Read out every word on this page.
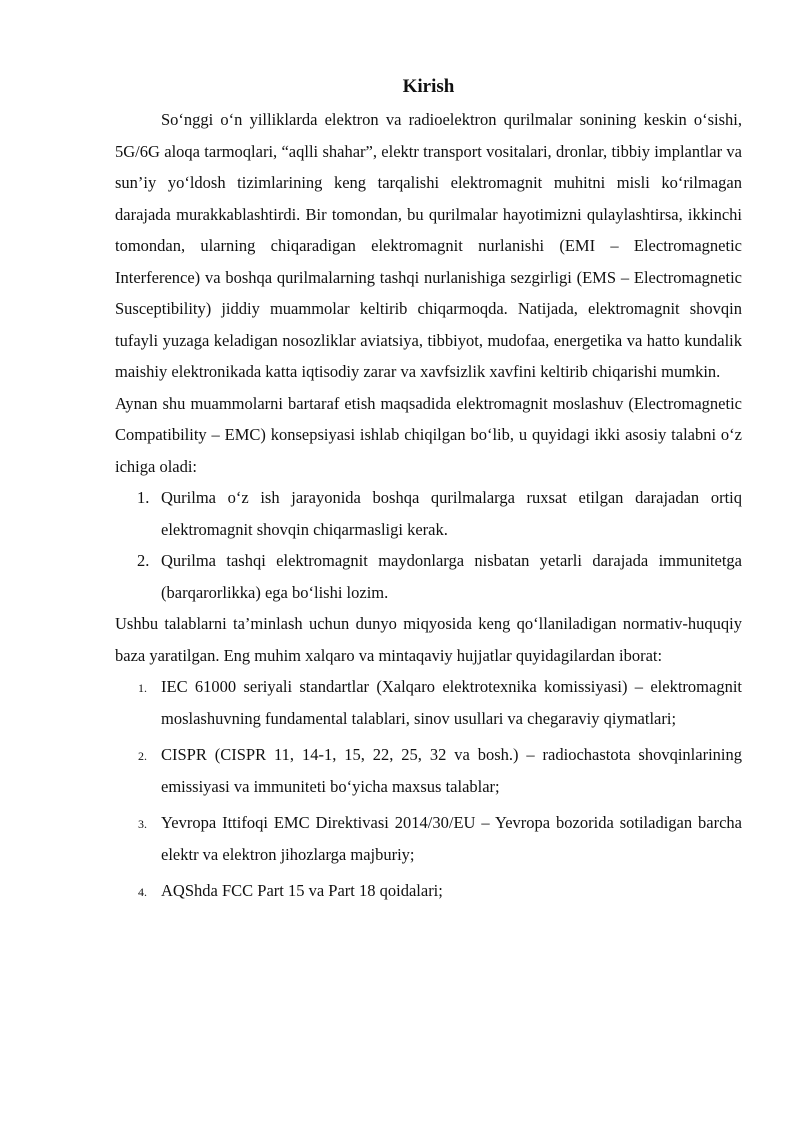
Kirish

So‘nggi o‘n yilliklarda elektron va radioelektron qurilmalar sonining keskin o‘sishi, 5G/6G aloqa tarmoqlari, “aqlli shahar”, elektr transport vositalari, dronlar, tibbiy implantlar va sun’iy yo‘ldosh tizimlarining keng tarqalishi elektromagnit muhitni misli ko‘rilmagan darajada murakkablashtirdi. Bir tomondan, bu qurilmalar hayotimizni qulaylashtirsa, ikkinchi tomondan, ularning chiqaradigan elektromagnit nurlanishi (EMI – Electromagnetic Interference) va boshqa qurilmalarning tashqi nurlanishiga sezgirligi (EMS – Electromagnetic Susceptibility) jiddiy muammolar keltirib chiqarmoqda. Natijada, elektromagnit shovqin tufayli yuzaga keladigan nosozliklar aviatsiya, tibbiyot, mudofaa, energetika va hatto kundalik maishiy elektronikada katta iqtisodiy zarar va xavfsizlik xavfini keltirib chiqarishi mumkin.

Aynan shu muammolarni bartaraf etish maqsadida elektromagnit moslashuv (Electromagnetic Compatibility – EMC) konsepsiyasi ishlab chiqilgan bo‘lib, u quyidagi ikki asosiy talabni o‘z ichiga oladi:

1. Qurilma o‘z ish jarayonida boshqa qurilmalarga ruxsat etilgan darajadan ortiq elektromagnit shovqin chiqarmasligi kerak.
2. Qurilma tashqi elektromagnit maydonlarga nisbatan yetarli darajada immunitetga (barqarorlikka) ega bo‘lishi lozim.

Ushbu talablarni ta’minlash uchun dunyo miqyosida keng qo‘llaniladigan normativ-huquqiy baza yaratilgan. Eng muhim xalqaro va mintaqaviy hujjatlar quyidagilardan iborat:

1. IEC 61000 seriyali standartlar (Xalqaro elektrotexnika komissiyasi) – elektromagnit moslashuvning fundamental talablari, sinov usullari va chegaraviy qiymatlari;
2. CISPR (CISPR 11, 14-1, 15, 22, 25, 32 va bosh.) – radiochastota shovqinlarining emissiyasi va immuniteti bo‘yicha maxsus talablar;
3. Yevropa Ittifoqi EMC Direktivasi 2014/30/EU – Yevropa bozorida sotiladigan barcha elektr va elektron jihozlarga majburiy;
4. AQShda FCC Part 15 va Part 18 qoidalari;
